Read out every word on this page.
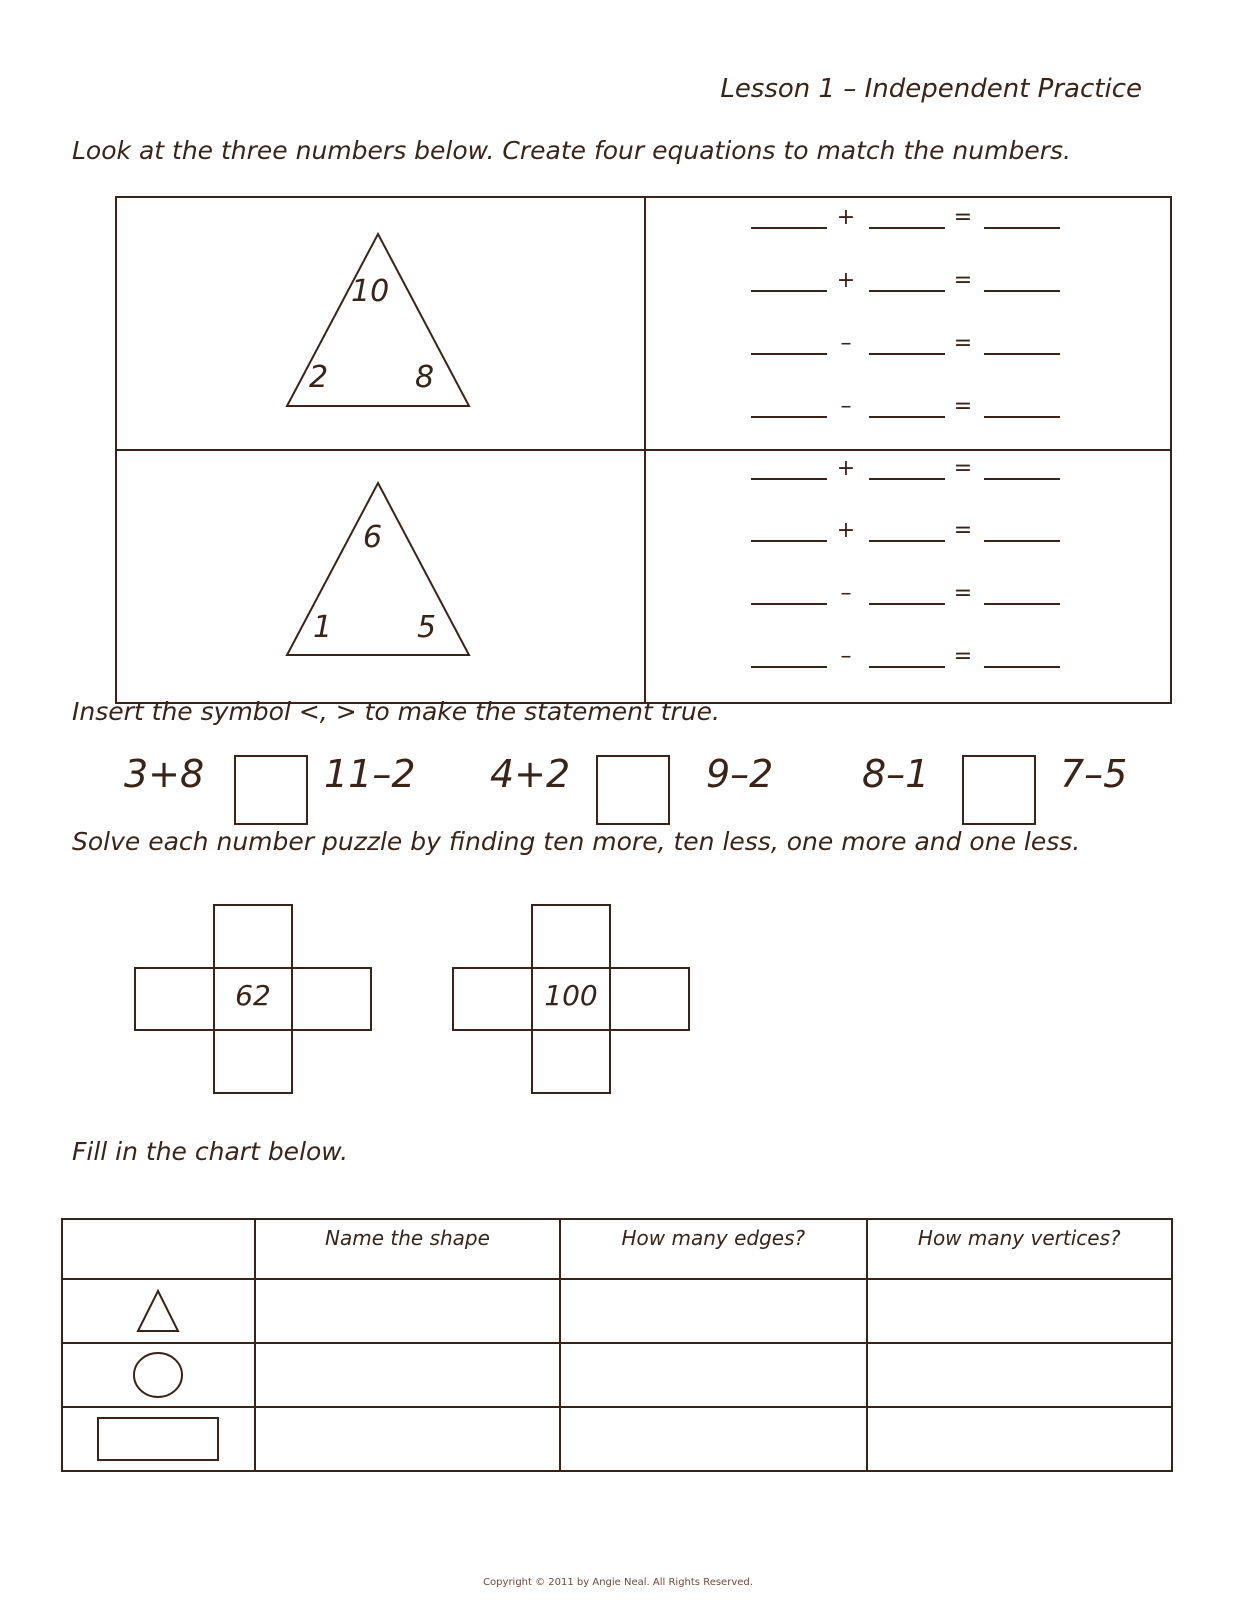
Lesson 1 – Independent Practice
Look at the three numbers below. Create four equations to match the numbers.
10
2	8
6
1	5
+	=
+	=
–	=
–	=
+	=
+	=
–	=
–	=
Insert the symbol <, > to make the statement true.
3+8	11–2 4+2	9–2 8–1	7–5
Solve each number puzzle by finding ten more, ten less, one more and one less.
62	100
Fill in the chart below.
	Name the shape	How many edges?	How many vertices?

Copyright © 2011 by Angie Neal. All Rights Reserved.
